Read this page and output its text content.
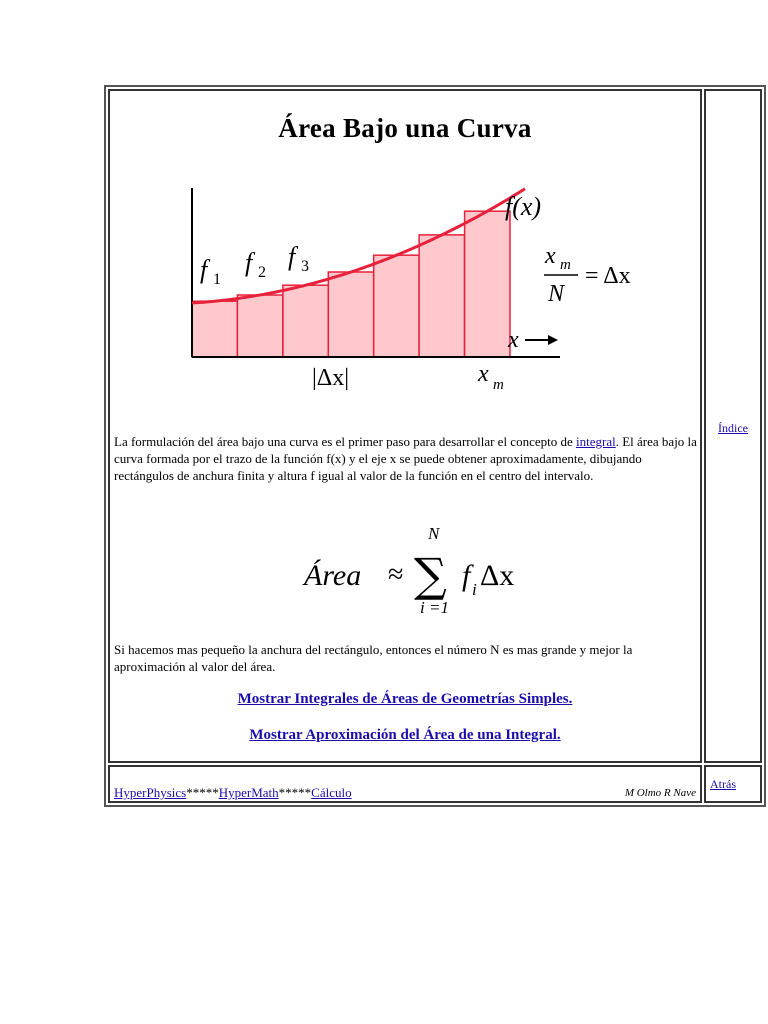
Área Bajo una Curva
f(x)
f 1
f 2
f 3	x m
N
= Δx
x
|Δx|	x m
La formulación del área bajo una curva es el primer paso para desarrollar el concepto de integral. El área bajo la curva formada por el trazo de la función f(x) y el eje x se puede obtener aproximadamente, dibujando rectángulos de anchura finita y altura f igual al valor de la función en el centro del intervalo.
Área ≈ ∑
N
i =1
f i Δx
Si hacemos mas pequeño la anchura del rectángulo, entonces el número N es mas grande y mejor la aproximación al valor del área.
Mostrar Integrales de Áreas de Geometrías Simples.
Mostrar Aproximación del Área de una Integral.
Índice
HyperPhysics*****HyperMath*****Cálculo	M Olmo R Nave
Atrás
